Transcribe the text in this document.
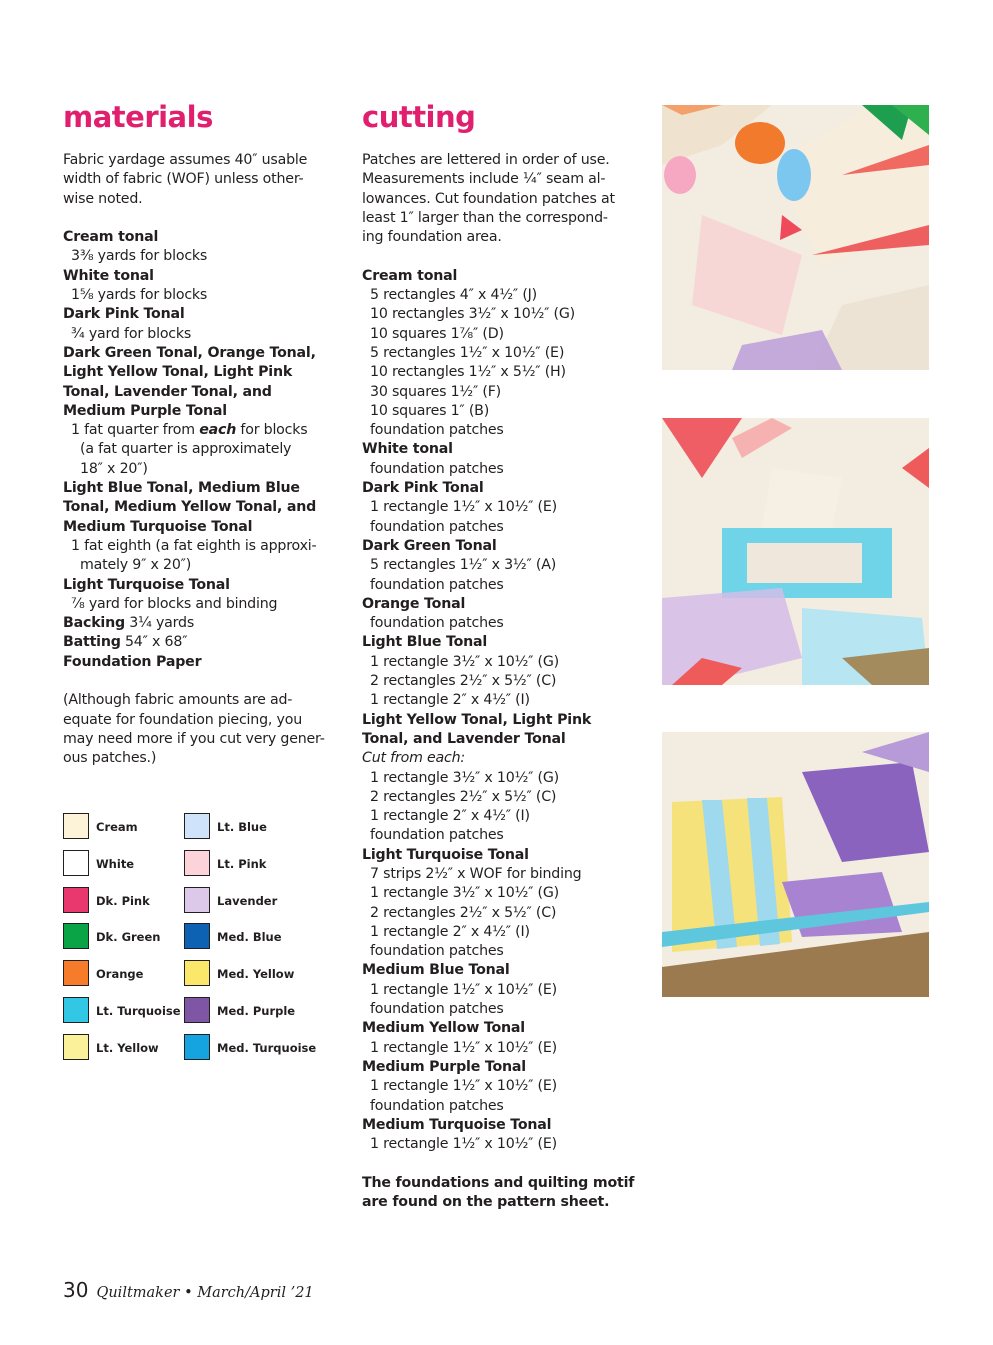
materials	cutting

Fabric yardage assumes 40″ usable

width of fabric (WOF) unless other-

wise noted.

Cream tonal

3⅜ yards for blocks

White tonal

1⅝ yards for blocks

Dark Pink Tonal

¾ yard for blocks

Dark Green Tonal, Orange Tonal,

Light Yellow Tonal, Light Pink

Tonal, Lavender Tonal, and

Medium Purple Tonal

1 fat quarter from each for blocks

(a fat quarter is approximately

18″ x 20″)

Light Blue Tonal, Medium Blue

Tonal, Medium Yellow Tonal, and

Medium Turquoise Tonal

1 fat eighth (a fat eighth is approxi-

mately 9″ x 20″)

Light Turquoise Tonal

⅞ yard for blocks and binding

Backing 3¼ yards

Batting 54″ x 68″

Foundation Paper

(Although fabric amounts are ad-

equate for foundation piecing, you

may need more if you cut very gener-

ous patches.)

Cream	Lt. Blue
White	Lt. Pink
Dk. Pink	Lavender
Dk. Green	Med. Blue
Orange	Med. Yellow
Lt. Turquoise	Med. Purple
Lt. Yellow	Med. Turquoise

Patches are lettered in order of use.

Measurements include ¼″ seam al-

lowances. Cut foundation patches at

least 1″ larger than the correspond-

ing foundation area.

Cream tonal

5 rectangles 4″ x 4½″ (J)

10 rectangles 3½″ x 10½″ (G)

10 squares 1⅞″ (D)

5 rectangles 1½″ x 10½″ (E)

10 rectangles 1½″ x 5½″ (H)

30 squares 1½″ (F)

10 squares 1″ (B)

foundation patches

White tonal

foundation patches

Dark Pink Tonal

1 rectangle 1½″ x 10½″ (E)

foundation patches

Dark Green Tonal

5 rectangles 1½″ x 3½″ (A)

foundation patches

Orange Tonal

foundation patches

Light Blue Tonal

1 rectangle 3½″ x 10½″ (G)

2 rectangles 2½″ x 5½″ (C)

1 rectangle 2″ x 4½″ (I)

Light Yellow Tonal, Light Pink

Tonal, and Lavender Tonal

Cut from each:

1 rectangle 3½″ x 10½″ (G)

2 rectangles 2½″ x 5½″ (C)

1 rectangle 2″ x 4½″ (I)

foundation patches

Light Turquoise Tonal

7 strips 2½″ x WOF for binding

1 rectangle 3½″ x 10½″ (G)

2 rectangles 2½″ x 5½″ (C)

1 rectangle 2″ x 4½″ (I)

foundation patches

Medium Blue Tonal

1 rectangle 1½″ x 10½″ (E)

foundation patches

Medium Yellow Tonal

1 rectangle 1½″ x 10½″ (E)

Medium Purple Tonal

1 rectangle 1½″ x 10½″ (E)

foundation patches

Medium Turquoise Tonal

1 rectangle 1½″ x 10½″ (E)

The foundations and quilting motif

are found on the pattern sheet.

30 Quiltmaker • March/April ’21
